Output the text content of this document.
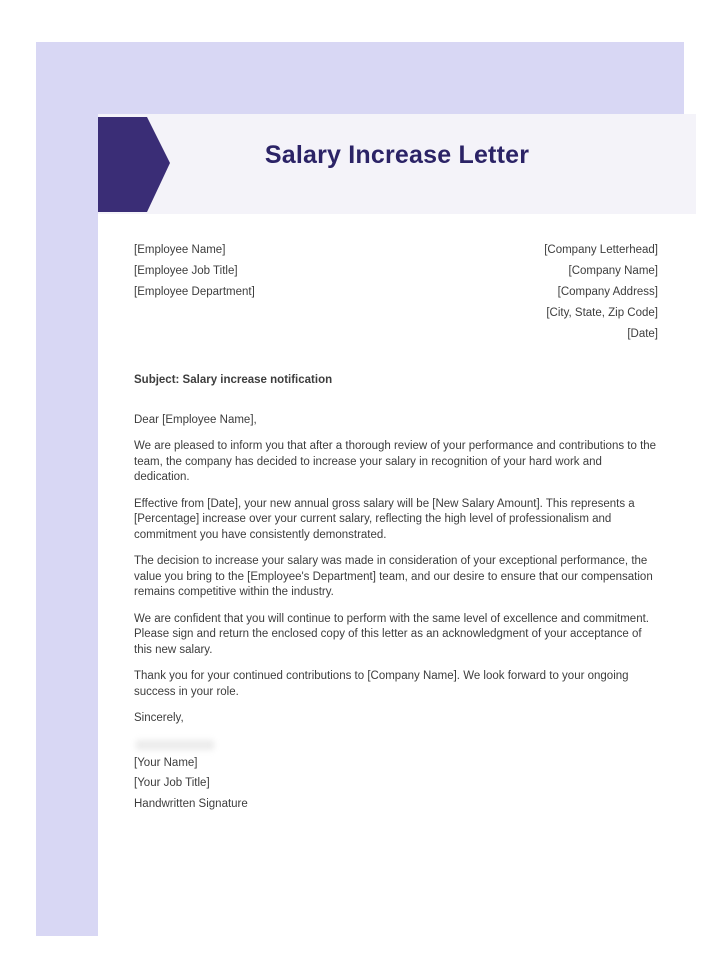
Salary Increase Letter
[Employee Name]
[Employee Job Title]
[Employee Department]
[Company Letterhead]
[Company Name]
[Company Address]
[City, State, Zip Code]
[Date]

Subject: Salary increase notification

Dear [Employee Name],

We are pleased to inform you that after a thorough review of your performance and contributions to the team, the company has decided to increase your salary in recognition of your hard work and dedication.

Effective from [Date], your new annual gross salary will be [New Salary Amount]. This represents a [Percentage] increase over your current salary, reflecting the high level of professionalism and commitment you have consistently demonstrated.

The decision to increase your salary was made in consideration of your exceptional performance, the value you bring to the [Employee's Department] team, and our desire to ensure that our compensation remains competitive within the industry.

We are confident that you will continue to perform with the same level of excellence and commitment. Please sign and return the enclosed copy of this letter as an acknowledgment of your acceptance of this new salary.

Thank you for your continued contributions to [Company Name]. We look forward to your ongoing success in your role.

Sincerely,

[Your Name]
[Your Job Title]
Handwritten Signature
